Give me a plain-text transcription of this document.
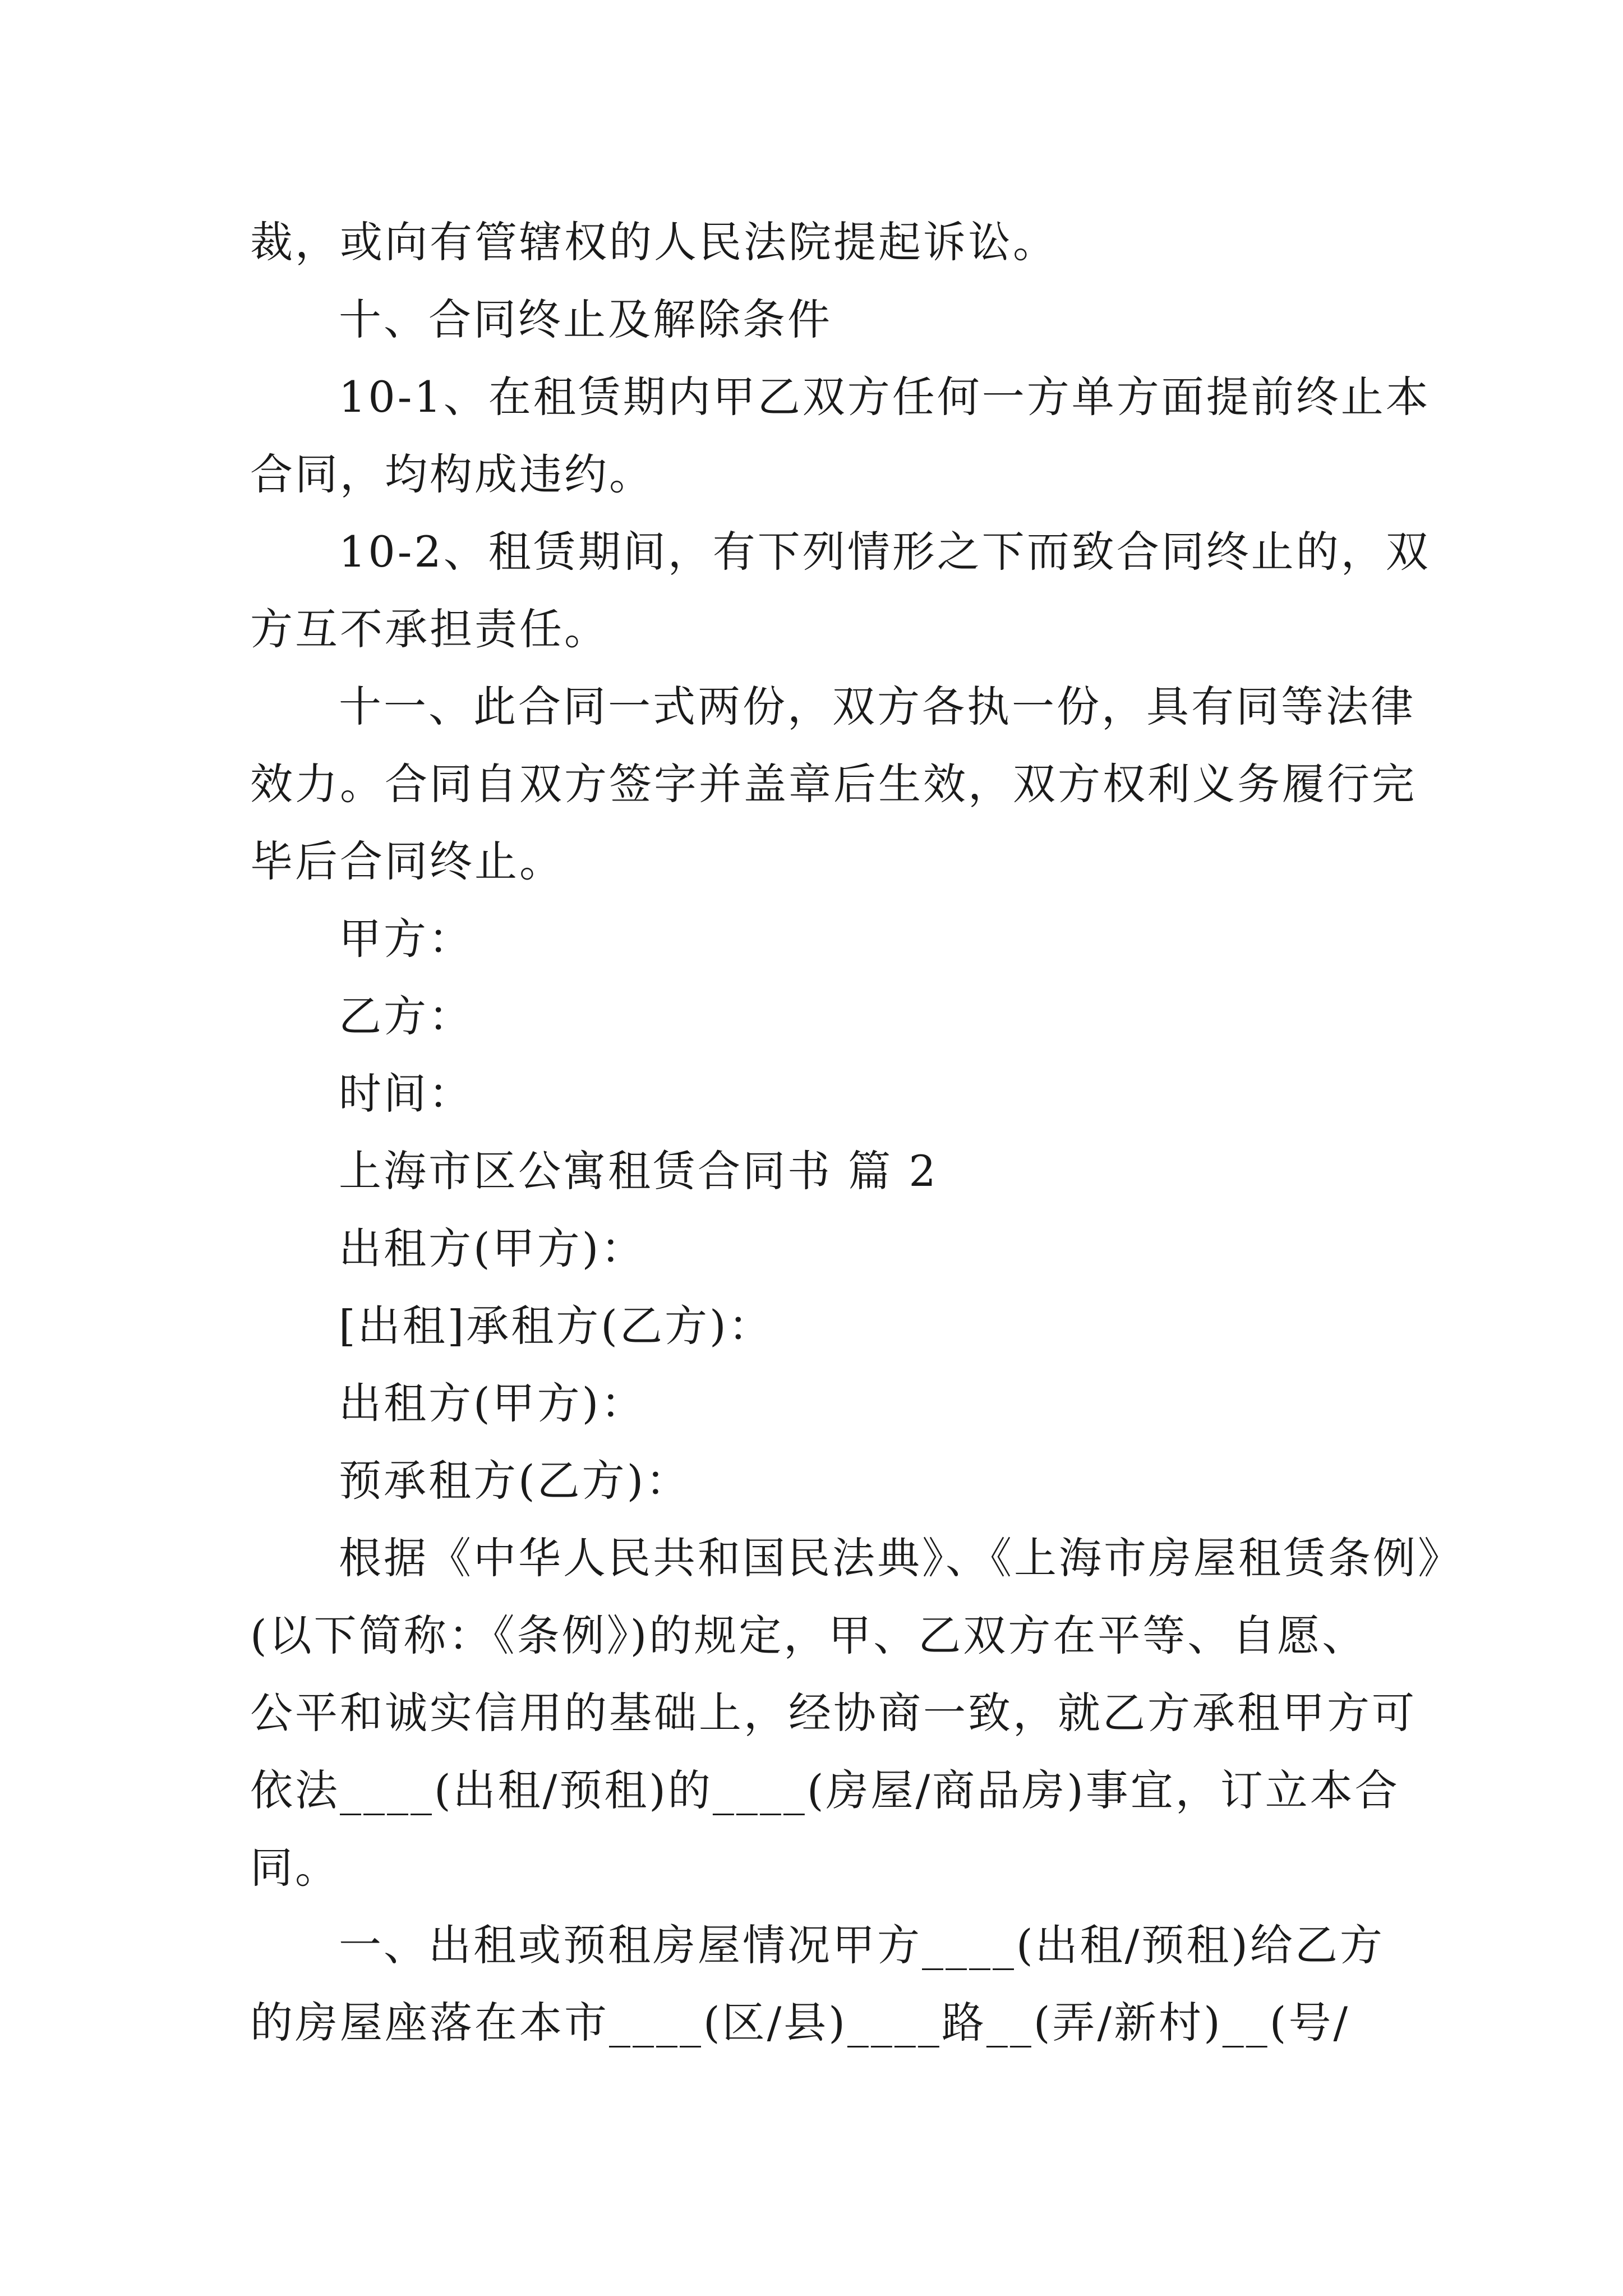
裁，或向有管辖权的人民法院提起诉讼。
十、合同终止及解除条件
10-1、在租赁期内甲乙双方任何一方单方面提前终止本
合同，均构成违约。
10-2、租赁期间，有下列情形之下而致合同终止的，双
方互不承担责任。
十一、此合同一式两份，双方各执一份，具有同等法律
效力。合同自双方签字并盖章后生效，双方权利义务履行完
毕后合同终止。
甲方：
乙方：
时间：
上海市区公寓租赁合同书 篇 2
出租方(甲方)：
[出租]承租方(乙方)：
出租方(甲方)：
预承租方(乙方)：
根据《中华人民共和国民法典》、《上海市房屋租赁条例》
(以下简称：《条例》)的规定，甲、乙双方在平等、自愿、
公平和诚实信用的基础上，经协商一致，就乙方承租甲方可
依法____(出租/预租)的____(房屋/商品房)事宜，订立本合
同。
一、出租或预租房屋情况甲方____(出租/预租)给乙方
的房屋座落在本市____(区/县)____路__(弄/新村)__(号/
